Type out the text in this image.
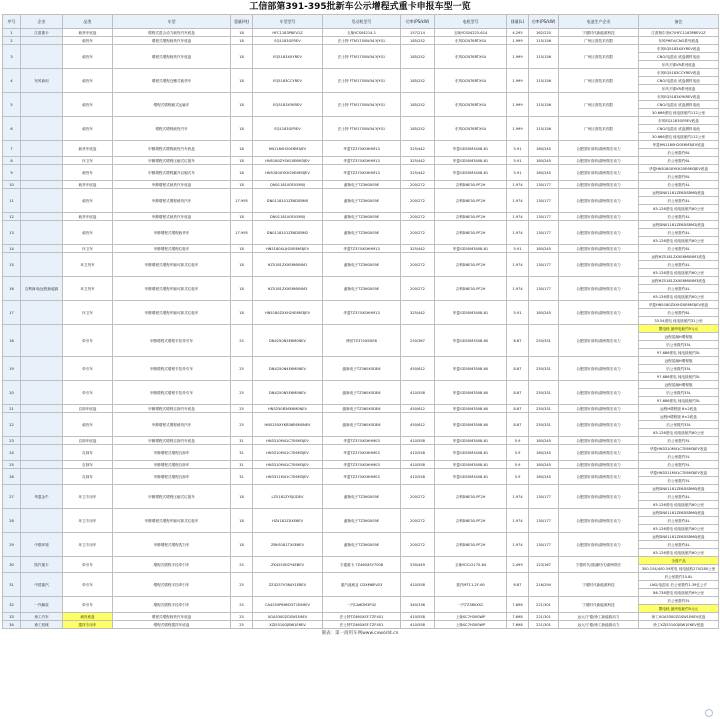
工信部第391-395批新车公示增程式重卡申报车型一览
序号	企业	品类	车型	重量(吨)	车型型号	发动机型号	功率(PS/kW)	电机型号	排量(L)	功率(PS/kW)	电池生产企业	备注
1	江淮重卡	载货车底盘	增程式混合动力载货汽车底盘	18	HFC1183P8EV1Z	玉柴YCS04214-1	157/214	玉柴YCS04225-614	4.295	162/220	宁德时代新能源科技	江淮格尔发K7/HFC1183P8EV1Z
2		载货车	增程式增程载货汽车底盘	18	EQ1183GFREV	法士特 FTM1750W34-YJY01	185/252	东风DCNT6RTXS4	1.999	115/156	广州巨湾技术有限	东风PHEV/CNG系列底盘
3		载货车	增程式增程载货汽车底盘	18	EQ5183XXYREV	法士特 FTM1750W34-YJY01	185/252	东风DCNT6RTXS4	1.999	115/156	广州巨湾技术有限	东风EQ5183XXYREV底盘
												CNG/电混动 底盘燃料电池
												东风天锦VR系列底盘
4	东风商用	载货车	增程式增程仓栅式载货车	18	EQ5183CCYREV	法士特 FTM1750W34-YJY01	185/252	东风DCNT6RTXS4	1.999	115/156	广州巨湾技术有限	东风EQ5183CCYREV底盘
												CNG/电混动 底盘燃料电池
												东风天锦VR系列底盘
5		载货车	增程式增程厢式运输车	18	EQ5183XYKREV	法士特 FTM1750W34-YJY01	185/252	东风DCNT6RTXS4	1.999	115/156	广州巨湾技术有限	东风EQ5183XYKREV底盘
												CNG/电混动 底盘燃料电池
												30.666度电 纯电续航约112公里
6		载货车	增程式增程载货汽车	18	EQ1183GFREV	法士特 FTM1750W34-YJY01	185/252	东风DCNT6RTXS4	1.999	115/156	广州巨湾技术有限	东风EQ1183GFREV底盘
												CNG/电混动 底盘燃料电池
												30.666度电 纯电续航约112公里
7		载货车底盘	甲醇增程式增程载货汽车底盘	18	HN1180H20E6M3JEV	华菱TZ370XSHHM13	325/442	华菱GD50M3408-61	5.91	180/245	合肥国轩高科/湖州微宏动力	华菱HN1180H20E6M3JEV底盘
												后公里数约6L
8		环卫车	甲醇增程式增程压缩式垃圾车	18	HN5180ZYSH20E6M3JEV	华菱TZ370XSHHM13	325/442	华菱GD50M3408-61	5.91	180/245	合肥国轩高科/湖州微宏动力	后公里数约6L
9		载货车	甲醇增程式增程翼开启厢式车	18	HN5180XYKH20E6M3JEV	华菱TZ370XSHHM13	325/442	华菱GD50M3408-61	5.91	180/245	合肥国轩高科/湖州微宏动力	华菱HN5180XYKH20E6M3JEV底盘
												后公里数约6L
10		载货车底盘	甲醇增程式载货汽车底盘	18	QN0118100EV5M0J	潍柴电子TZ360XS9E	200/272	吉利DNE30-PF2H	1.974	130/177	合肥国轩高科/湖州微宏动力	后公里数约4L
11		载货车	甲醇增程式增程载货汽车	17.995	DN0118101ZE6DSBM0	潍柴电子TZ360XS9E	200/272	吉利DNE30-PF2H	1.974	130/177	合肥国轩高科/湖州微宏动力	远程DN01181ZE6DSBM0J底盘
												后公里数约4L
												65.126度电 纯电续航约60公里
12		载货车底盘	甲醇增程式载货汽车底盘	18	DN0118100EV5M0J	潍柴电子TZ360XS9E	200/272	吉利DNE30-PF2H	1.974	130/177	合肥国轩高科/湖州微宏动力	后公里数约4L
13		载货车	甲醇增程式增程载货车	17.995	DN0118101ZE6DSBM2	潍柴电子TZ360XS9E	200/272	吉利DNE30-PF2H	1.974	130/177	合肥国轩高科/湖州微宏动力	远程DN01181ZE6DSBM2J底盘
												后公里数约4L
												65.126度电 纯电续航约60公里
14		环卫车	甲醇增程式增程垃圾车	18	HN5180XLJH20E6M3JEV	华菱TZ370XSHHM13	325/442	华菱GD50M3408-61	5.91	180/245	合肥国轩高科/湖州微宏动力	后公里数约6L
15		环卫货车	甲醇增程式增程车厢可卸式垃圾车	18	HZ5181ZXXE6M0NM1	潍柴电子TZ360XS9E	200/272	吉利DNE30-PF2H	1.974	130/177	合肥国轩高科/湖州微宏动力	远程HZ5181ZXXE6M0NM1底盘
												后公里数约4L
												65.126度电 纯电续航约60公里
16	吉利商用/远程新能源	环卫货车	甲醇增程式增程车厢可卸式垃圾车	18	HZ5181ZXXE6M0NM3	潍柴电子TZ360XS9E	200/272	吉利DNE30-PF2H	1.974	130/177	合肥国轩高科/湖州微宏动力	远程HZ5181ZXXE6M0NM3底盘
												后公里数约4L
												65.126度电 纯电续航约60公里
17		环卫车	甲醇增程式增程车厢可卸式垃圾车	18	HN5180ZXXH20E6M3JEV	华菱TZ370XSHHM13	325/442	华菱GD50M3408-61	5.91	180/245	合肥国轩高科/湖州微宏动力	华菱HN5180ZXXH20E6M3JEV底盘
												后公里数约6L
												33.54度电 纯电续航约31公里
18		牵引车	甲醇增程式增程半挂牵引车	25	DN4250N3E6M0NEV	博世TZ370X5DE6	250/367	华菱GD50M3508-60	8.87	250/331	合肥国轩高科/湖州微宏动力	限电耗 最终电耗约5元元
												远程星瀚H增程版
												后公里数约35L
												97.686度电 纯电续航约5L
19		牵引车	甲醇增程式增程半挂牵引车	25	DN4250N4E6M0NEV	潍柴电子TZ360X5DE6	450/612	华菱GD50M3508-60	8.87	250/331	合肥国轩高科/湖州微宏动力	远程星瀚H增程版
												后公里数约35L
												97.686度电 纯电续航约5L
20		牵引车	甲醇增程式增程半挂牵引车	25	DN4250N5E6M0NEV	潍柴电子TZ360X5DE6	410/558	华菱GD50M3508-60	8.87	250/331	合肥国轩高科/湖州微宏动力	远程星瀚H增程版
												后公里数约35L
												97.686度电 纯电续航约5L
21		自卸车底盘	甲醇增程式增程自卸汽车底盘	25	HN3250B36E6M0NEV	潍柴电子TZ360X5DE6	450/612	华菱GD50M3508-60	8.87	250/331	合肥国轩高科/湖州微宏动力	远程H增程版 6×2底盘
22		载货车	甲醇增程式增程载货汽车	25	HN5250XYKB36E6M0NEV	潍柴电子TZ360X5DE6	450/612	华菱GD50M3508-60	8.87	250/331	合肥国轩高科/湖州微宏动力	远程H增程版 6×2底盘
												后公里数约35L
												65.126度电 纯电续航约60公里
23		自卸车底盘	甲醇增程式增程自卸汽车底盘	31	HN3310M41C7E6M3JEV	华菱TZ370XSHHM03	410/558	华菱GD50M3408-61	5.9	180/245	合肥国轩高科/湖州微宏动力	后公里数约5L
24		自卸车	甲醇增程式增程自卸车	31	HN3310M41C7E6M3JEV	华菱TZ370XSHHM03	410/558	华菱GD50M3408-61	5.9	180/245	合肥国轩高科/湖州微宏动力	华菱HN3310M41C7E6M3JEV底盘
												后公里数约5L
25		自卸车	甲醇增程式增程自卸车	31	HN3310M41C7E6M3JEV	华菱TZ370XSHHM03	410/558	华菱GD50M3408-61	5.9	180/245	合肥国轩高科/湖州微宏动力	后公里数约5L
26		自卸车	甲醇增程式增程自卸车	31	HN3311M41C7E6M3JEV	华菱TZ370XSHHM03	410/558	华菱GD50M3408-61	5.9	180/245	合肥国轩高科/湖州微宏动力	华菱HN3311M41C7E6M3JEV底盘
												后公里数约5L
27	华菱金牛	环卫专用车	甲醇增程式增程压缩式垃圾车	18	LZ5181ZYSJGDEV	潍柴电子TZ360XS9E	200/272	吉利DNE30-PF2H	1.974	130/177	合肥国轩高科/湖州微宏动力	远程DN01181ZE6DSBM0J底盘
												后公里数约4L
												65.126度电 纯电续航约60公里
28		环卫专用车	甲醇增程式增程车厢可卸式垃圾车	18	HZ4181ZXXE6EV	潍柴电子TZ360XS9E	200/272	吉利DNE30-PF2H	1.974	130/177	合肥国轩高科/湖州微宏动力	远程DN01181ZE6DSBM0J底盘
												后公里数约4L
												65.126度电 纯电续航约60公里
29	中联环境	环卫专用车	甲醇增程式增程洗扫车	18	ZBH5181TXSE6EV	潍柴电子TZ360XS9E	200/272	吉利DNE30-PF2H	1.974	130/177	合肥国轩高科/湖州微宏动力	远程DN01181ZE6DSBM0J底盘
												后公里数约4L
												65.126度电 纯电续航约60公里
30	陕汽重卡	牵引车	增程式增程半挂牵引车	25	ZK4250D2Y4EBEV	宇通重卡 TZ460XSY7008	330/449	玉柴YCS12170-64	2.499	123/167	宁德时代/瑞浦时代/湖州微宏	全面产品
												350.154/400.59度电 纯电续航270/280公里
31	中国重汽	牵引车	增程式增程半挂牵引车	25	ZZ4257V384Y1EBEV	重汽迪威亚 CDXM6EV03	410/558	重汽MT11-2F-60	6.87	216/294	宁德时代新能源科技	后公里数约15.8L
												LNG/电混动 后公里数约1.39亿公斤
												86.738度电 纯电续航约69公里
32	一汽解放	牵引车	增程式增程半挂牵引车	25	CA4250P66M25T1E6HEV	一汽CA6DM3P42	340/336	一汽TZ380XSC	7.696	221/301	宁德时代新能源科技	后公里数约5L
												限电耗 最终电耗约5元元
33	徐工汽车	载货底盘	增程式增程载货汽车底盘	25	XGA5300ZGSW1E6EV	法士特TZ460XSF-TZF401	410/558	上柴SC7H300WP	7.698	221/301	远大/宁德/徐工新能源动力	徐工XGA5300ZGSW1E6EV底盘
34	徐工机械	搅拌专用车	增程式增程搅拌车底盘	25	XZJ5310GJBW1E6EV	法士特TZ460XSF-TZF401	410/558	上柴SC7H300WP	7.698	221/301	远大/宁德/徐工新能源动力	徐工XZJ5310GJBW1E6EV底盘
制表：第一商用车网www.cvworld.cn
